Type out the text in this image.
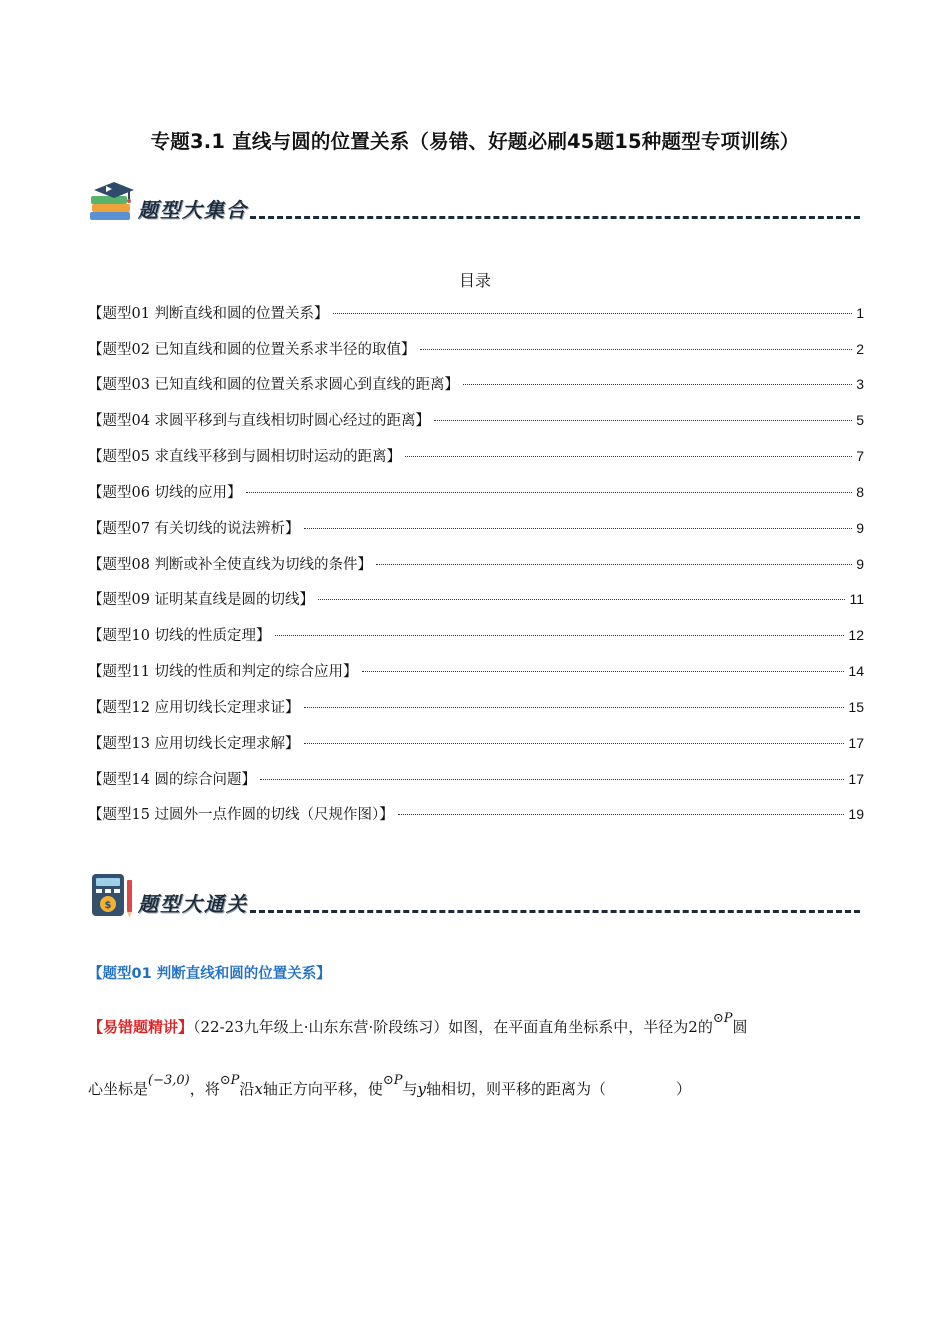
专题3.1 直线与圆的位置关系（易错、好题必刷45题15种题型专项训练）
题型大集合
目录
【题型01 判断直线和圆的位置关系】	1
【题型02 已知直线和圆的位置关系求半径的取值】	2
【题型03 已知直线和圆的位置关系求圆心到直线的距离】	3
【题型04 求圆平移到与直线相切时圆心经过的距离】	5
【题型05 求直线平移到与圆相切时运动的距离】	7
【题型06 切线的应用】	8
【题型07 有关切线的说法辨析】	9
【题型08 判断或补全使直线为切线的条件】	9
【题型09 证明某直线是圆的切线】	11
【题型10 切线的性质定理】	12
【题型11 切线的性质和判定的综合应用】	14
【题型12 应用切线长定理求证】	15
【题型13 应用切线长定理求解】	17
【题型14 圆的综合问题】	17
【题型15 过圆外一点作圆的切线（尺规作图）】	19
$ 题型大通关
【题型01 判断直线和圆的位置关系】
【易错题精讲】（22-23九年级上·山东东营·阶段练习）如图，在平面直角坐标系中，半径为2的⊙P圆
心坐标是(−3,0)，将⊙P沿x轴正方向平移，使⊙P与y轴相切，则平移的距离为（	）
